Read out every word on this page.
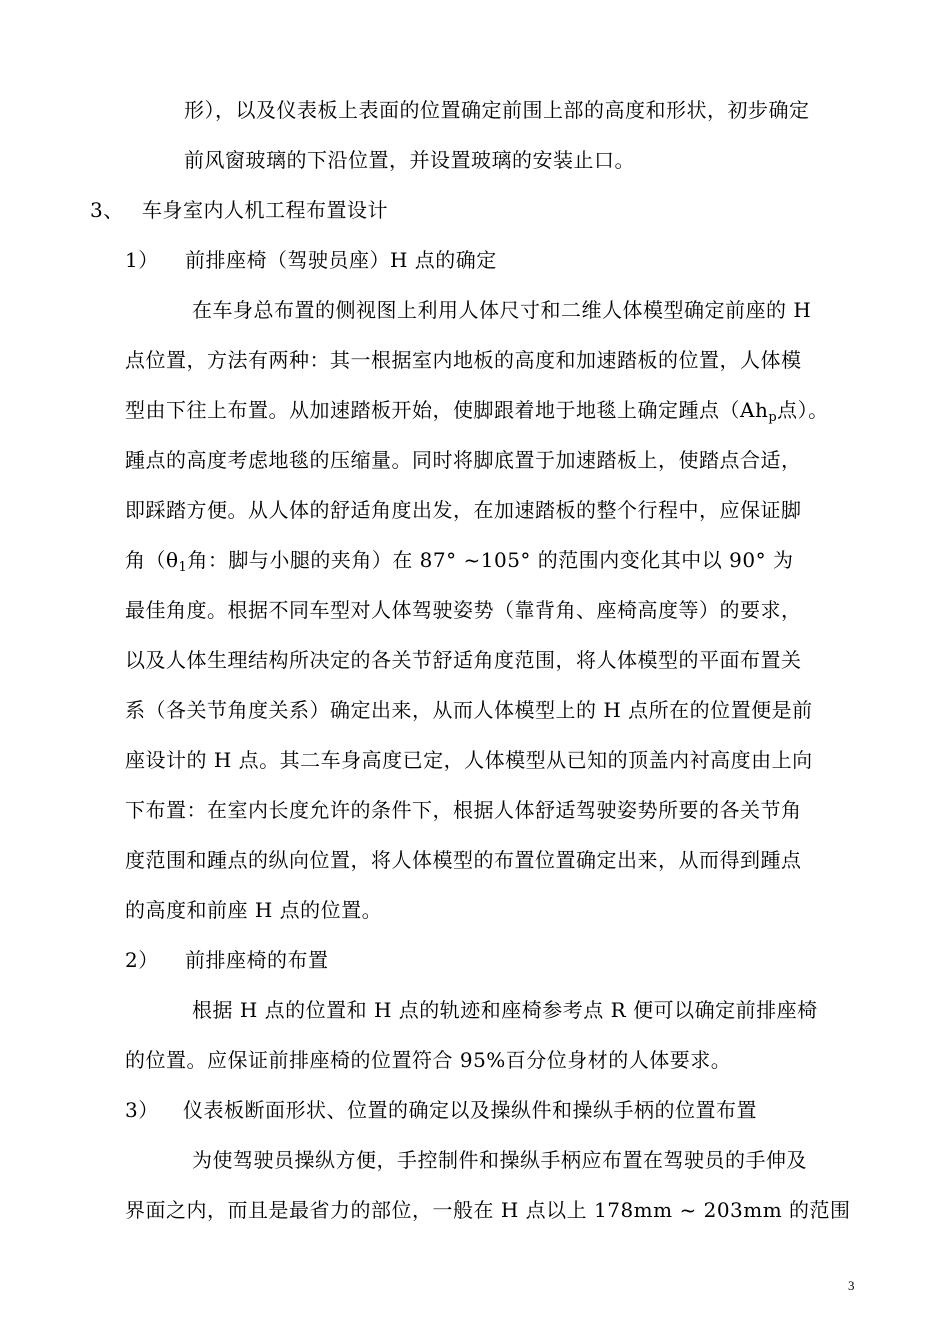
形），以及仪表板上表面的位置确定前围上部的高度和形状，初步确定
前风窗玻璃的下沿位置，并设置玻璃的安装止口。
3、 车身室内人机工程布置设计
1） 前排座椅（驾驶员座）H 点的确定
在车身总布置的侧视图上利用人体尺寸和二维人体模型确定前座的 H
点位置，方法有两种：其一根据室内地板的高度和加速踏板的位置，人体模
型由下往上布置。从加速踏板开始，使脚跟着地于地毯上确定踵点（$Ah_p$点）。
踵点的高度考虑地毯的压缩量。同时将脚底置于加速踏板上，使踏点合适，
即踩踏方便。从人体的舒适角度出发，在加速踏板的整个行程中，应保证脚
角（$\theta_1$角：脚与小腿的夹角）在 87° ~105° 的范围内变化其中以 90° 为
最佳角度。根据不同车型对人体驾驶姿势（靠背角、座椅高度等）的要求，
以及人体生理结构所决定的各关节舒适角度范围，将人体模型的平面布置关
系（各关节角度关系）确定出来，从而人体模型上的 H 点所在的位置便是前
座设计的 H 点。其二车身高度已定，人体模型从已知的顶盖内衬高度由上向
下布置：在室内长度允许的条件下，根据人体舒适驾驶姿势所要的各关节角
度范围和踵点的纵向位置，将人体模型的布置位置确定出来，从而得到踵点
的高度和前座 H 点的位置。
2） 前排座椅的布置
根据 H 点的位置和 H 点的轨迹和座椅参考点 R 便可以确定前排座椅
的位置。应保证前排座椅的位置符合 95%百分位身材的人体要求。
3） 仪表板断面形状、位置的确定以及操纵件和操纵手柄的位置布置
为使驾驶员操纵方便，手控制件和操纵手柄应布置在驾驶员的手伸及
界面之内，而且是最省力的部位，一般在 H 点以上 178mm ~ 203mm 的范围
3
